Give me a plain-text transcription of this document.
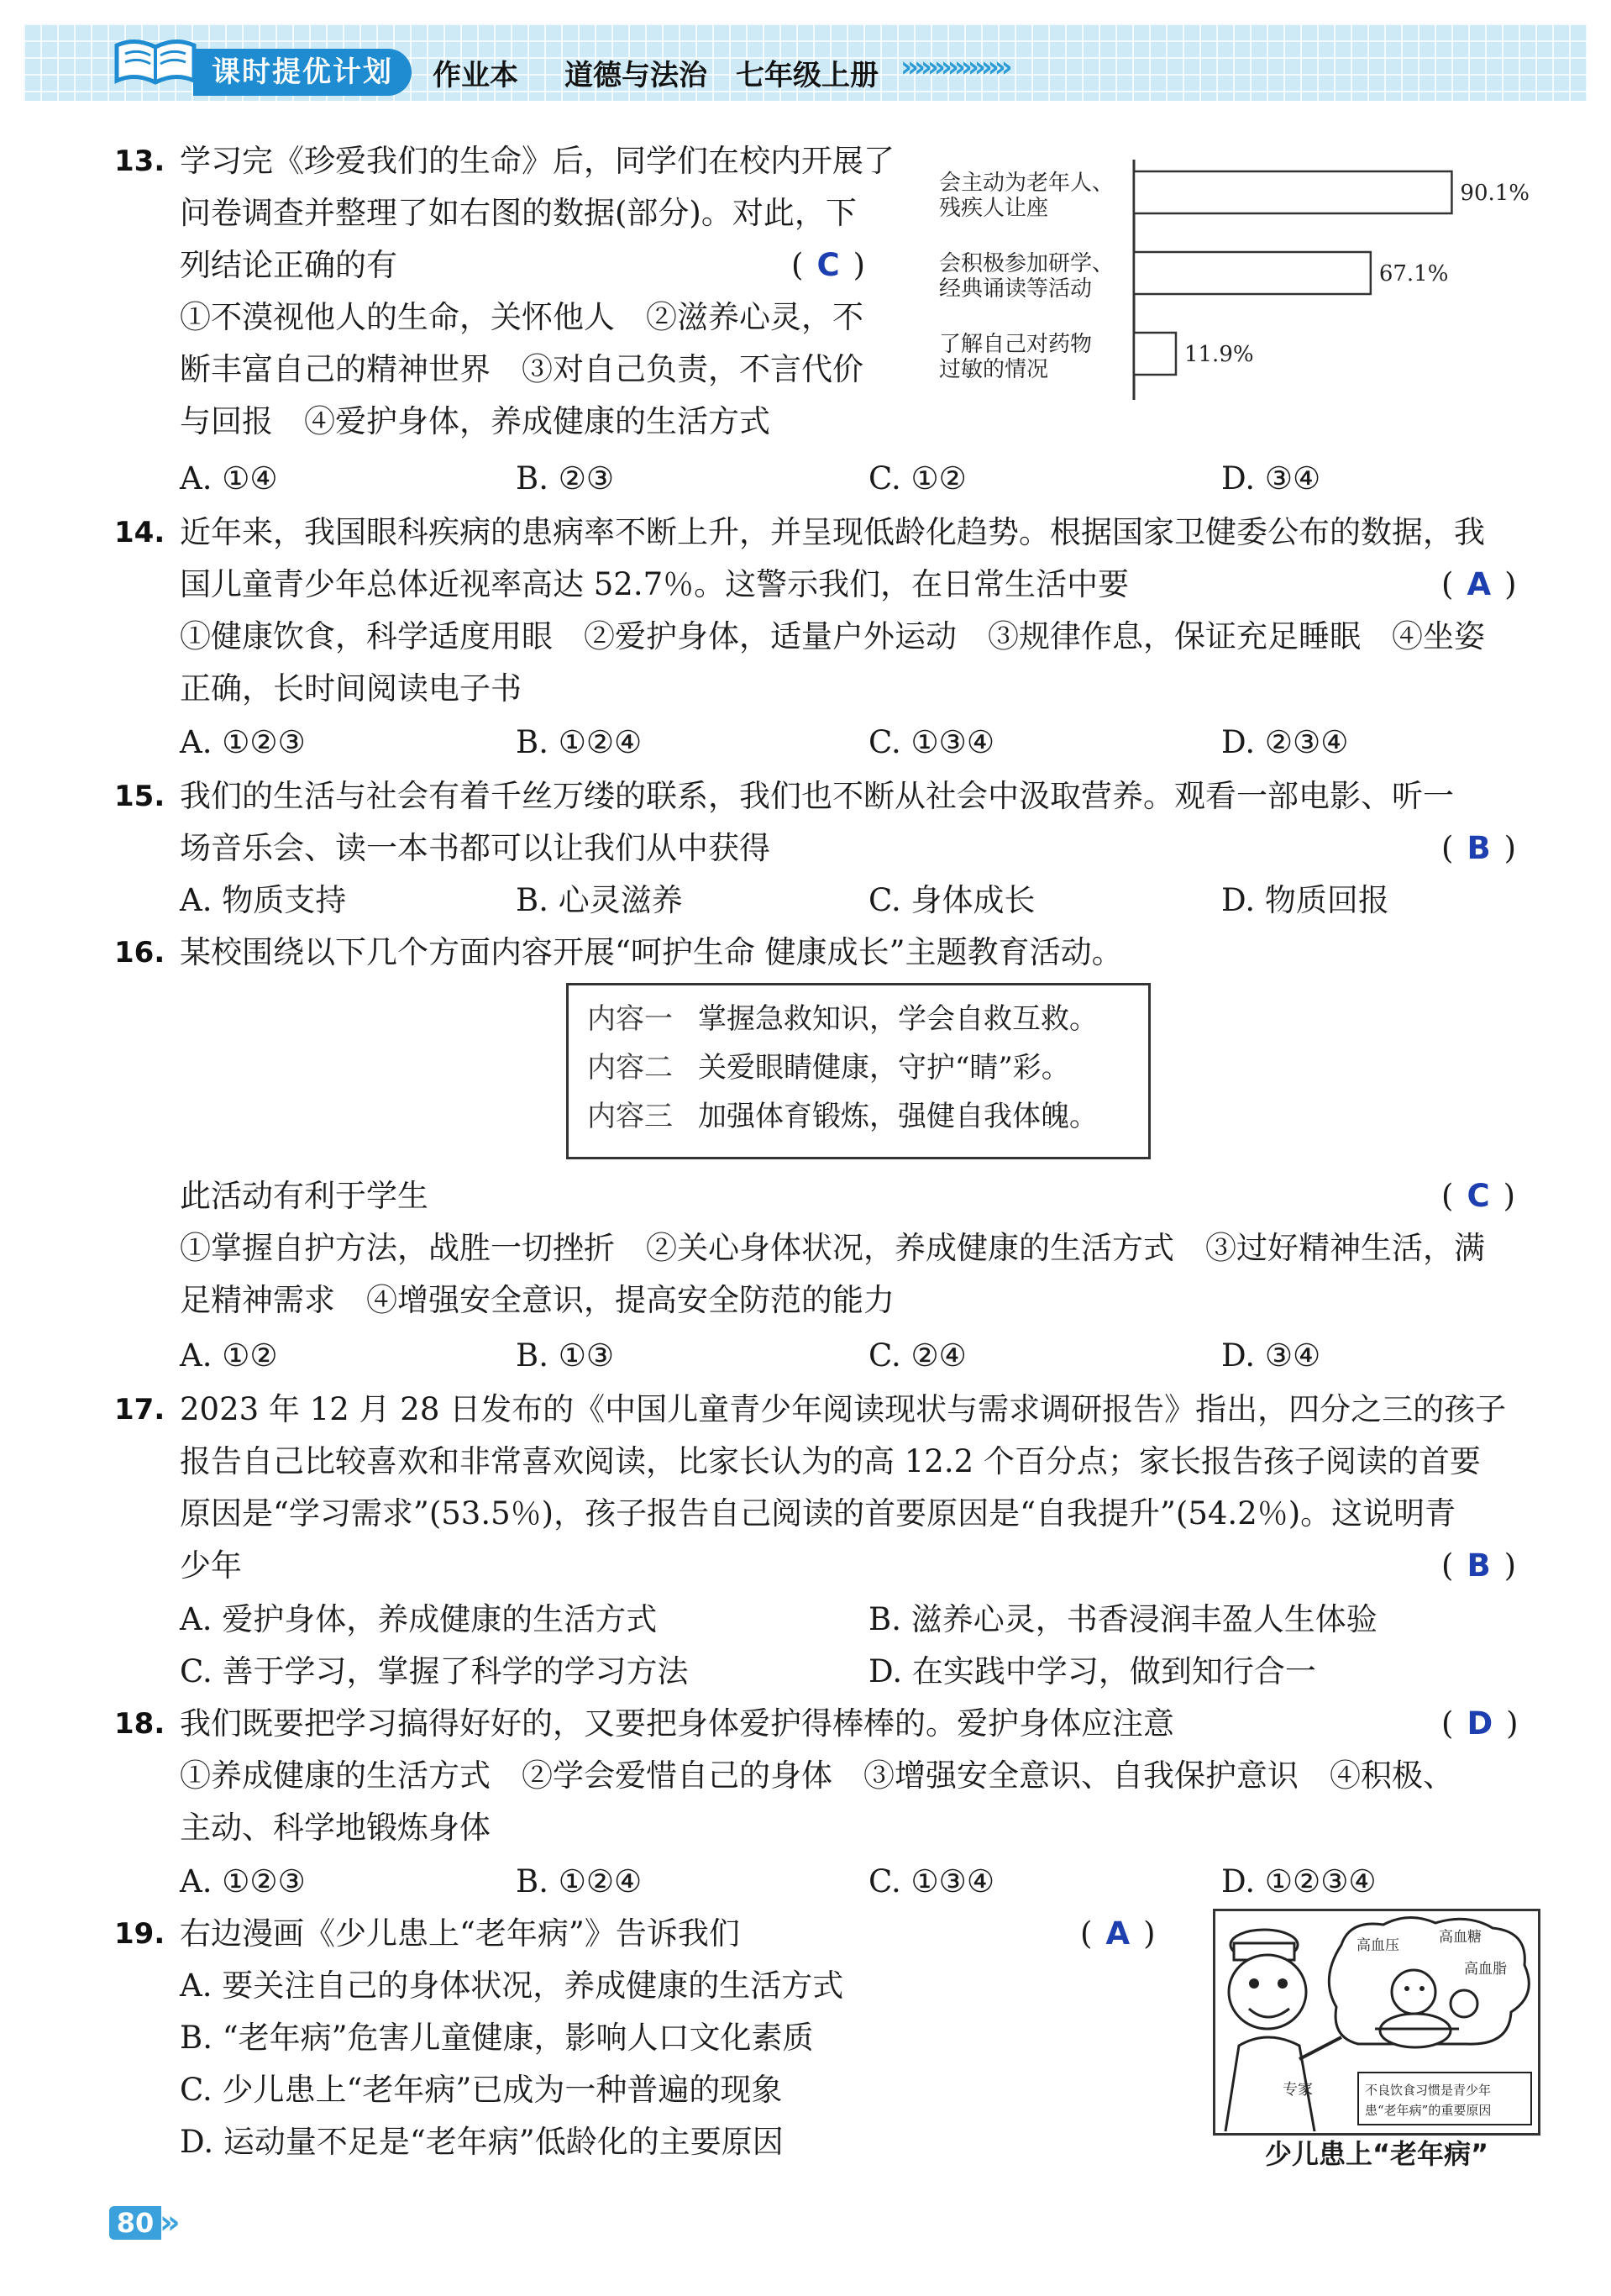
课时提优计划	作业本 道德与法治　七年级上册 »»»»»»»»
13. 学习完《珍爱我们的生命》后，同学们在校内开展了
问卷调查并整理了如右图的数据(部分)。对此，下
列结论正确的有	( C )
①不漠视他人的生命，关怀他人　②滋养心灵，不
断丰富自己的精神世界　③对自己负责，不言代价
与回报　④爱护身体，养成健康的生活方式
A. ①④	B. ②③	C. ①②	D. ③④
90.1%
会主动为老年人、
残疾人让座
67.1%
会积极参加研学、
经典诵读等活动
11.9%
了解自己对药物
过敏的情况
14. 近年来，我国眼科疾病的患病率不断上升，并呈现低龄化趋势。根据国家卫健委公布的数据，我
国儿童青少年总体近视率高达 52.7％。这警示我们，在日常生活中要	( A )
①健康饮食，科学适度用眼　②爱护身体，适量户外运动　③规律作息，保证充足睡眠　④坐姿
正确，长时间阅读电子书
A. ①②③	B. ①②④	C. ①③④	D. ②③④
15. 我们的生活与社会有着千丝万缕的联系，我们也不断从社会中汲取营养。观看一部电影、听一
场音乐会、读一本书都可以让我们从中获得	( B )
A. 物质支持	B. 心灵滋养	C. 身体成长	D. 物质回报
16. 某校围绕以下几个方面内容开展“呵护生命 健康成长”主题教育活动。
内容一 掌握急救知识，学会自救互救。
内容二 关爱眼睛健康，守护“睛”彩。
内容三 加强体育锻炼，强健自我体魄。
此活动有利于学生	( C )
①掌握自护方法，战胜一切挫折　②关心身体状况，养成健康的生活方式　③过好精神生活，满
足精神需求　④增强安全意识，提高安全防范的能力
A. ①②	B. ①③	C. ②④	D. ③④
17. 2023 年 12 月 28 日发布的《中国儿童青少年阅读现状与需求调研报告》指出，四分之三的孩子
报告自己比较喜欢和非常喜欢阅读，比家长认为的高 12.2 个百分点；家长报告孩子阅读的首要
原因是“学习需求”(53.5％)，孩子报告自己阅读的首要原因是“自我提升”(54.2％)。这说明青
少年	( B )
A. 爱护身体，养成健康的生活方式	B. 滋养心灵，书香浸润丰盈人生体验
C. 善于学习，掌握了科学的学习方法	D. 在实践中学习，做到知行合一
18. 我们既要把学习搞得好好的，又要把身体爱护得棒棒的。爱护身体应注意	( D )
①养成健康的生活方式　②学会爱惜自己的身体　③增强安全意识、自我保护意识　④积极、
主动、科学地锻炼身体
A. ①②③	B. ①②④	C. ①③④	D. ①②③④
19. 右边漫画《少儿患上“老年病”》告诉我们	( A )
A. 要关注自己的身体状况，养成健康的生活方式
B. “老年病”危害儿童健康，影响人口文化素质
C. 少儿患上“老年病”已成为一种普遍的现象
D. 运动量不足是“老年病”低龄化的主要原因
专家
高血压	高血糖
高血脂
不良饮食习惯是青少年
患“老年病”的重要原因
少儿患上“老年病”
80 »
